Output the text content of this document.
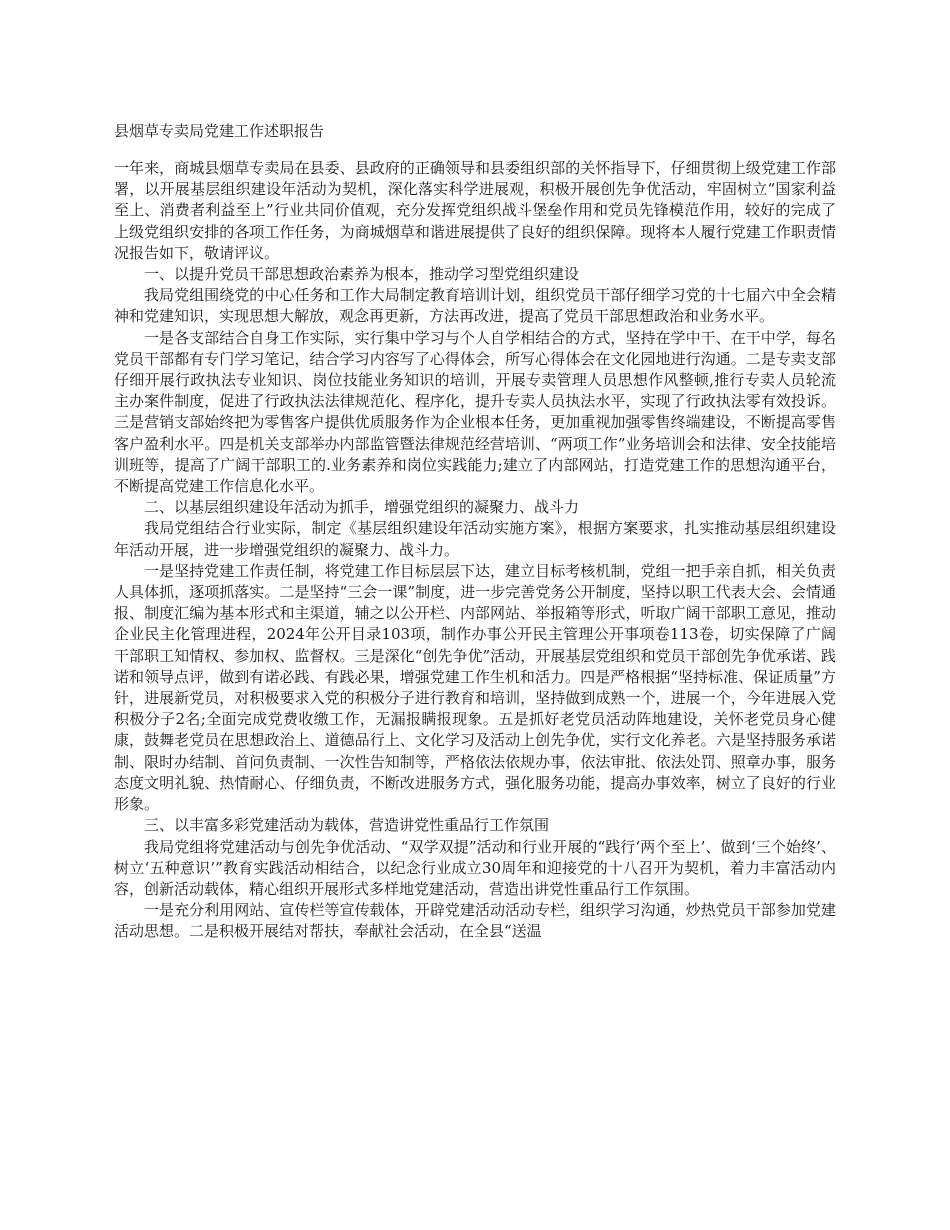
县烟草专卖局党建工作述职报告

一年来，商城县烟草专卖局在县委、县政府的正确领导和县委组织部的关怀指导下，仔细贯彻上级党建工作部署，以开展基层组织建设年活动为契机，深化落实科学进展观，积极开展创先争优活动，牢固树立“国家利益至上、消费者利益至上”行业共同价值观，充分发挥党组织战斗堡垒作用和党员先锋模范作用，较好的完成了上级党组织安排的各项工作任务，为商城烟草和谐进展提供了良好的组织保障。现将本人履行党建工作职责情况报告如下，敬请评议。

一、以提升党员干部思想政治素养为根本，推动学习型党组织建设

我局党组围绕党的中心任务和工作大局制定教育培训计划，组织党员干部仔细学习党的十七届六中全会精神和党建知识，实现思想大解放，观念再更新，方法再改进，提高了党员干部思想政治和业务水平。

一是各支部结合自身工作实际，实行集中学习与个人自学相结合的方式，坚持在学中干、在干中学，每名党员干部都有专门学习笔记，结合学习内容写了心得体会，所写心得体会在文化园地进行沟通。二是专卖支部仔细开展行政执法专业知识、岗位技能业务知识的培训，开展专卖管理人员思想作风整顿,推行专卖人员轮流主办案件制度，促进了行政执法法律规范化、程序化，提升专卖人员执法水平，实现了行政执法零有效投诉。三是营销支部始终把为零售客户提供优质服务作为企业根本任务，更加重视加强零售终端建设，不断提高零售客户盈利水平。四是机关支部举办内部监管暨法律规范经营培训、“两项工作”业务培训会和法律、安全技能培训班等，提高了广阔干部职工的.业务素养和岗位实践能力;建立了内部网站，打造党建工作的思想沟通平台，不断提高党建工作信息化水平。

二、以基层组织建设年活动为抓手，增强党组织的凝聚力、战斗力

我局党组结合行业实际，制定《基层组织建设年活动实施方案》，根据方案要求，扎实推动基层组织建设年活动开展，进一步增强党组织的凝聚力、战斗力。

一是坚持党建工作责任制，将党建工作目标层层下达，建立目标考核机制，党组一把手亲自抓，相关负责人具体抓，逐项抓落实。二是坚持“三会一课”制度，进一步完善党务公开制度，坚持以职工代表大会、会情通报、制度汇编为基本形式和主渠道，辅之以公开栏、内部网站、举报箱等形式，听取广阔干部职工意见，推动企业民主化管理进程，2024年公开目录103项，制作办事公开民主管理公开事项卷113卷，切实保障了广阔干部职工知情权、参加权、监督权。三是深化“创先争优”活动，开展基层党组织和党员干部创先争优承诺、践诺和领导点评，做到有诺必践、有践必果，增强党建工作生机和活力。四是严格根据“坚持标准、保证质量”方针，进展新党员，对积极要求入党的积极分子进行教育和培训，坚持做到成熟一个，进展一个，今年进展入党积极分子2名;全面完成党费收缴工作，无漏报瞒报现象。五是抓好老党员活动阵地建设，关怀老党员身心健康，鼓舞老党员在思想政治上、道德品行上、文化学习及活动上创先争优，实行文化养老。六是坚持服务承诺制、限时办结制、首问负责制、一次性告知制等，严格依法依规办事，依法审批、依法处罚、照章办事，服务态度文明礼貌、热情耐心、仔细负责，不断改进服务方式，强化服务功能，提高办事效率，树立了良好的行业形象。

三、以丰富多彩党建活动为载体，营造讲党性重品行工作氛围

我局党组将党建活动与创先争优活动、“双学双提”活动和行业开展的“践行‘两个至上’、做到‘三个始终’、树立‘五种意识’”教育实践活动相结合，以纪念行业成立30周年和迎接党的十八召开为契机，着力丰富活动内容，创新活动载体，精心组织开展形式多样地党建活动，营造出讲党性重品行工作氛围。

一是充分利用网站、宣传栏等宣传载体，开辟党建活动活动专栏，组织学习沟通，炒热党员干部参加党建活动思想。二是积极开展结对帮扶，奉献社会活动，在全县“送温
